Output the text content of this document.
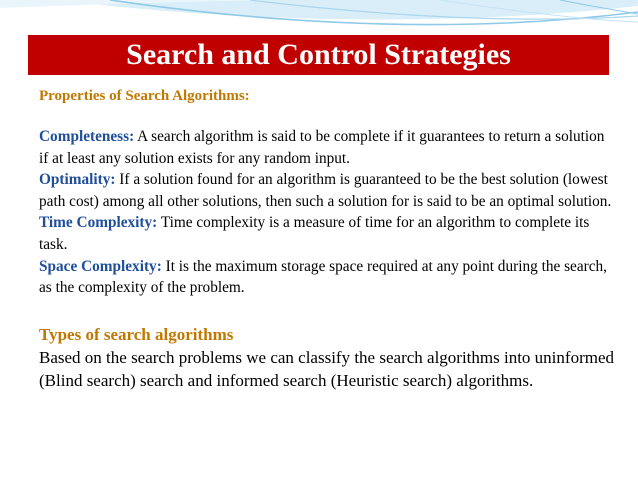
Search and Control Strategies
Properties of Search Algorithms:

Completeness: A search algorithm is said to be complete if it guarantees to return a solution if at least any solution exists for any random input.

Optimality: If a solution found for an algorithm is guaranteed to be the best solution (lowest path cost) among all other solutions, then such a solution for is said to be an optimal solution.

Time Complexity: Time complexity is a measure of time for an algorithm to complete its task.

Space Complexity: It is the maximum storage space required at any point during the search, as the complexity of the problem.

Types of search algorithms

Based on the search problems we can classify the search algorithms into uninformed (Blind search) search and informed search (Heuristic search) algorithms.
